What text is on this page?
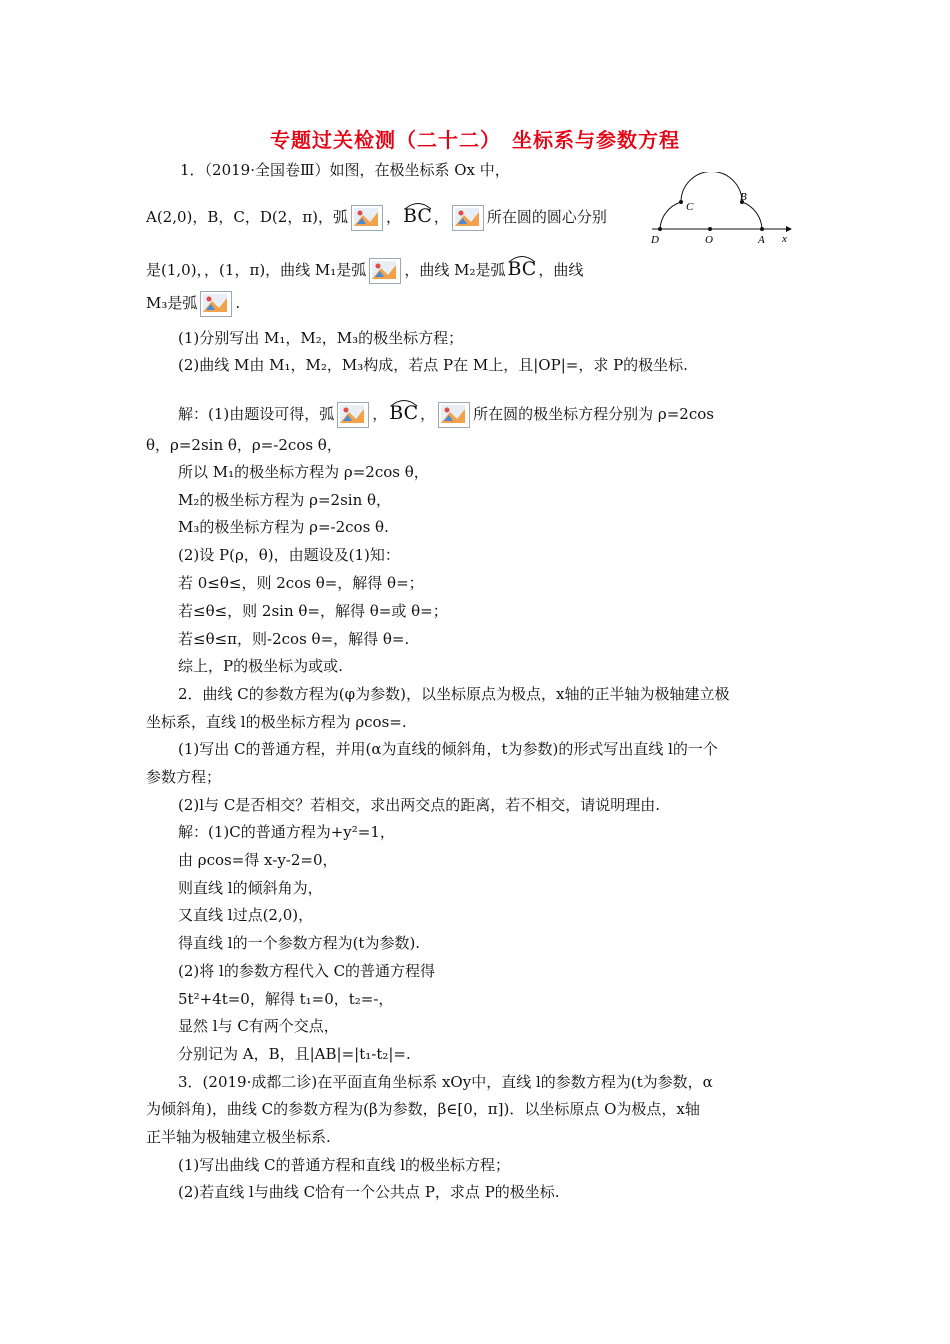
专题过关检测（二十二）　坐标系与参数方程
C
B
D	O	A x
1．（2019·全国卷Ⅲ）如图，在极坐标系 Ox 中，
A(2,0)，B，C，D(2，π)，弧	， BC ，	所在圆的圆心分别
是(1,0)，，(1，π)，曲线 M₁是弧	，曲线 M₂是弧 BC ，曲线
M₃是弧	.
(1)分别写出 M₁，M₂，M₃的极坐标方程；
(2)曲线 M由 M₁，M₂，M₃构成，若点 P在 M上，且|OP|=，求 P的极坐标.
解：(1)由题设可得，弧	， BC ，	所在圆的极坐标方程分别为 ρ=2cos
θ，ρ=2sin θ，ρ=-2cos θ，
所以 M₁的极坐标方程为 ρ=2cos θ，
M₂的极坐标方程为 ρ=2sin θ，
M₃的极坐标方程为 ρ=-2cos θ.
(2)设 P(ρ，θ)，由题设及(1)知：
若 0≤θ≤，则 2cos θ=，解得 θ=；
若≤θ≤，则 2sin θ=，解得 θ=或 θ=；
若≤θ≤π，则-2cos θ=，解得 θ=.
综上，P的极坐标为或或.
2．曲线 C的参数方程为(φ为参数)，以坐标原点为极点，x轴的正半轴为极轴建立极
坐标系，直线 l的极坐标方程为 ρcos=.
(1)写出 C的普通方程，并用(α为直线的倾斜角，t为参数)的形式写出直线 l的一个
参数方程；
(2)l与 C是否相交？若相交，求出两交点的距离，若不相交，请说明理由.
解：(1)C的普通方程为+y²=1，
由 ρcos=得 x-y-2=0，
则直线 l的倾斜角为，
又直线 l过点(2,0)，
得直线 l的一个参数方程为(t为参数).
(2)将 l的参数方程代入 C的普通方程得
5t²+4t=0，解得 t₁=0，t₂=-，
显然 l与 C有两个交点，
分别记为 A，B，且|AB|=|t₁-t₂|=.
3．(2019·成都二诊)在平面直角坐标系 xOy中，直线 l的参数方程为(t为参数，α
为倾斜角)，曲线 C的参数方程为(β为参数，β∈[0，π])．以坐标原点 O为极点，x轴
正半轴为极轴建立极坐标系.
(1)写出曲线 C的普通方程和直线 l的极坐标方程；
(2)若直线 l与曲线 C恰有一个公共点 P，求点 P的极坐标.
